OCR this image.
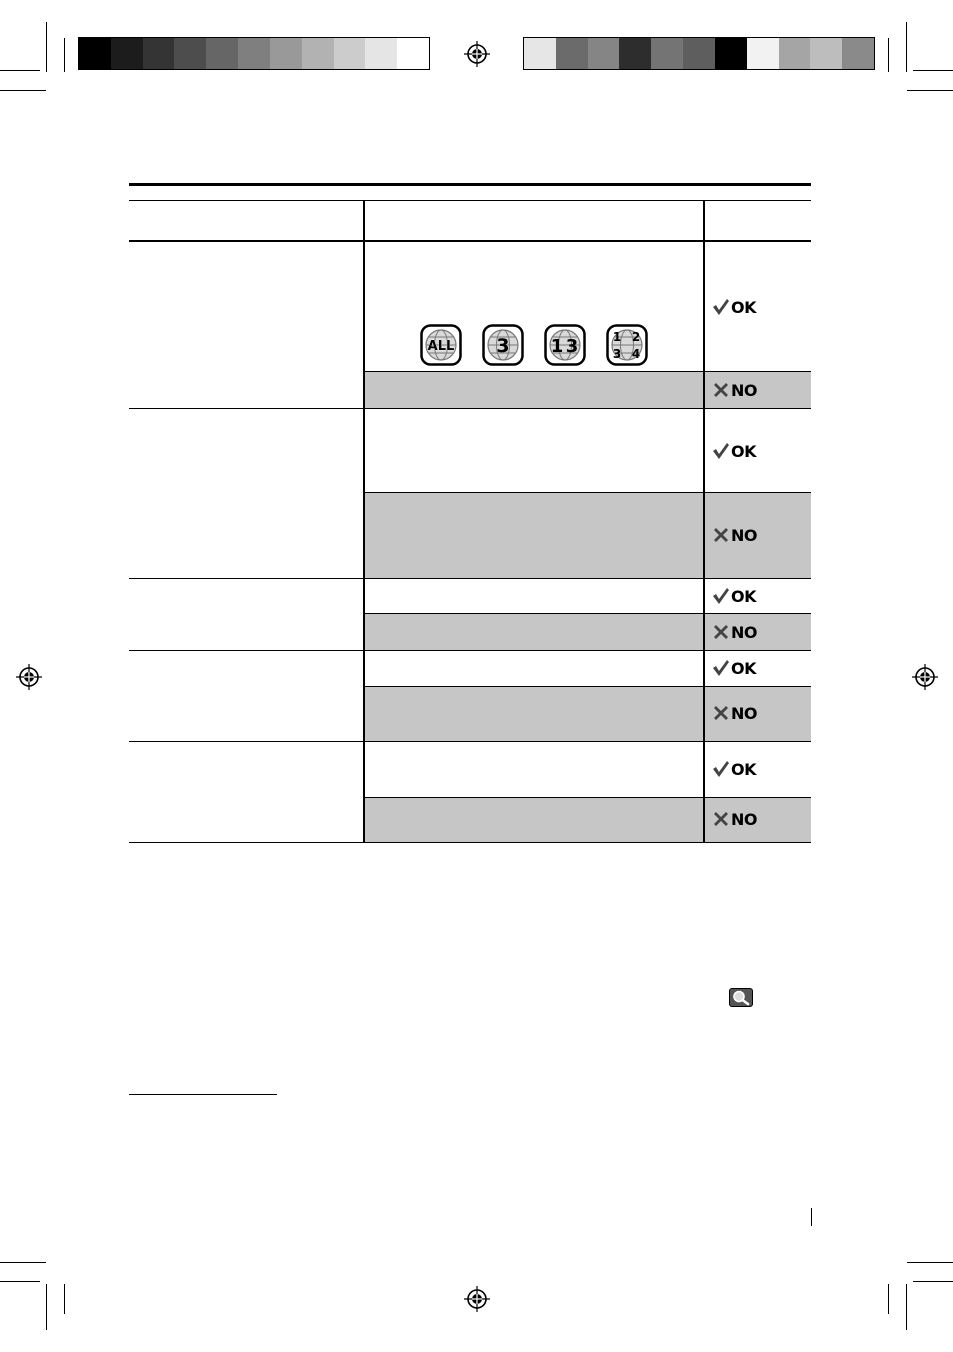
ALL 3 1 3	1 2
3 4
OK
NO
OK
NO
OK
NO
OK
NO
OK
NO
